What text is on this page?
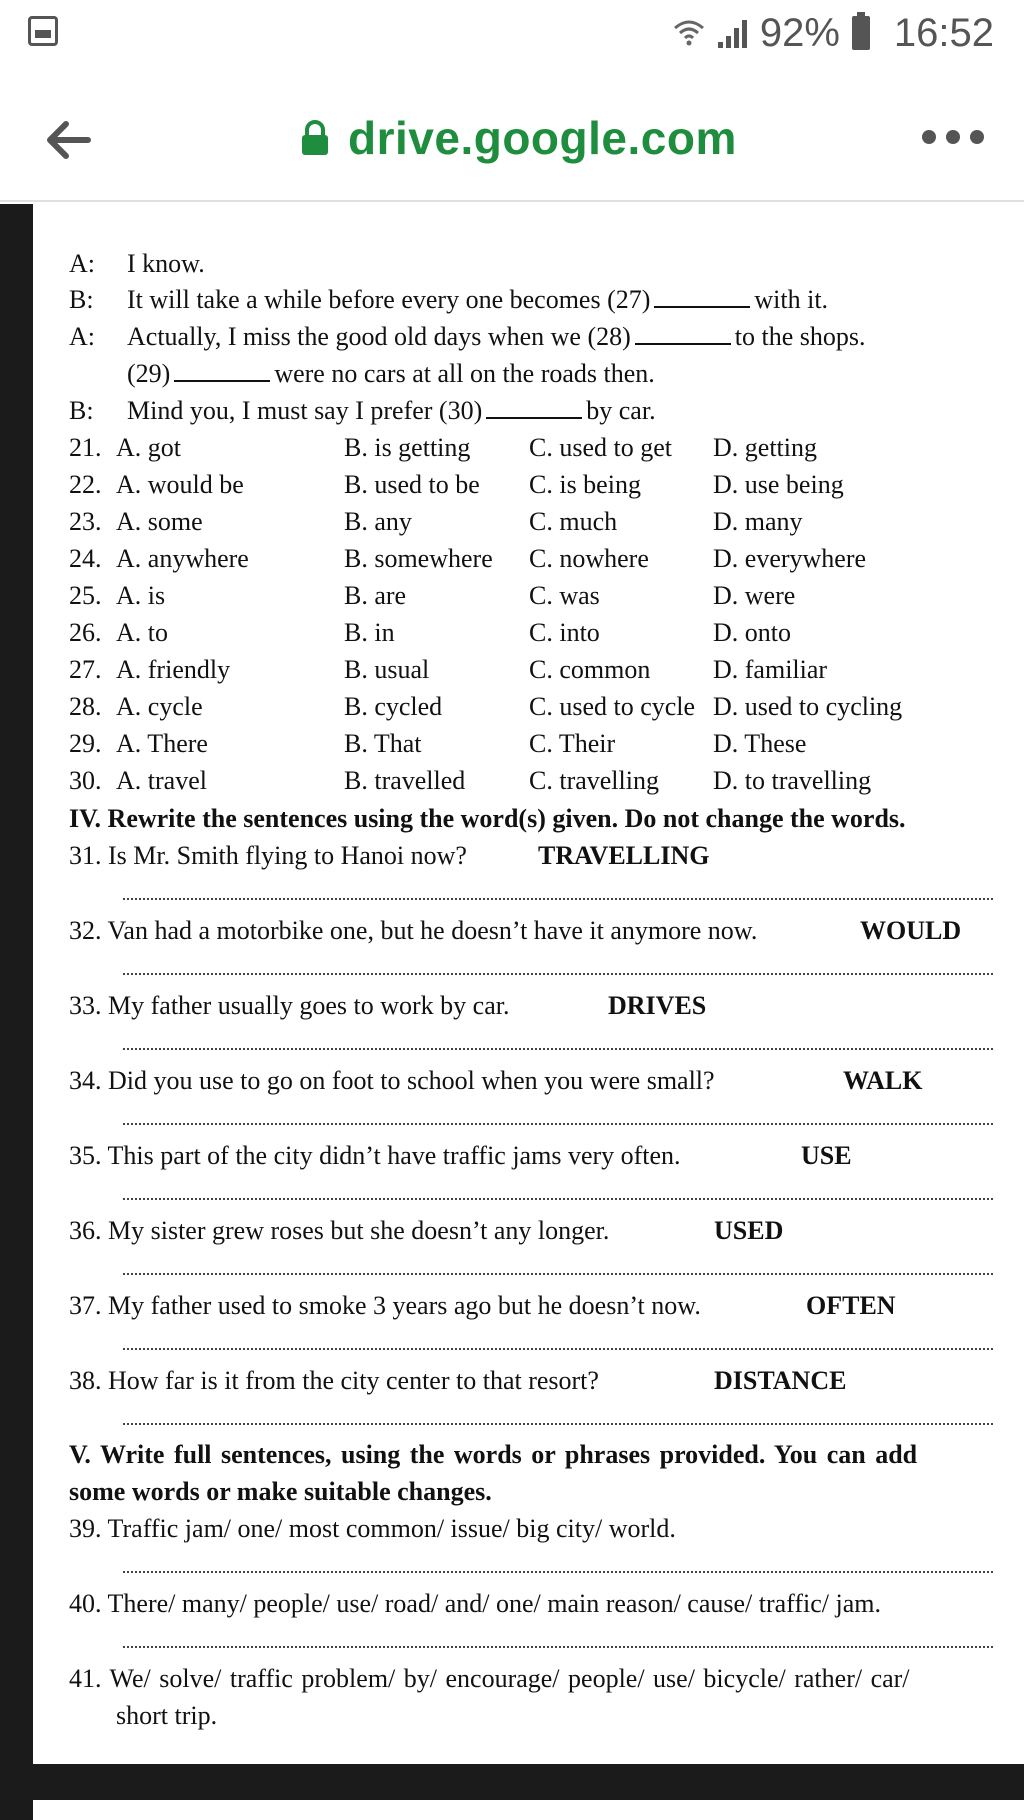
92% 16:52
drive.google.com
A: I know.
B: It will take a while before every one becomes (27)	with it.
A: Actually, I miss the good old days when we (28)	to the shops.
(29)	were no cars at all on the roads then.
B: Mind you, I must say I prefer (30)	by car.
21. A. got	B. is getting C. used to get D. getting
22. A. would be	B. used to be C. is being	D. use being
23. A. some	B. any	C. much	D. many
24. A. anywhere	B. somewhere C. nowhere D. everywhere
25. A. is	B. are	C. was	D. were
26. A. to	B. in	C. into	D. onto
27. A. friendly	B. usual	C. common D. familiar
28. A. cycle	B. cycled	C. used to cycle D. used to cycling
29. A. There	B. That	C. Their	D. These
30. A. travel	B. travelled C. travelling D. to travelling
IV. Rewrite the sentences using the word(s) given. Do not change the words.
31. Is Mr. Smith flying to Hanoi now?	TRAVELLING
32. Van had a motorbike one, but he doesn’t have it anymore now.	WOULD
33. My father usually goes to work by car.	DRIVES
34. Did you use to go on foot to school when you were small?	WALK
35. This part of the city didn’t have traffic jams very often.	USE
36. My sister grew roses but she doesn’t any longer.	USED
37. My father used to smoke 3 years ago but he doesn’t now.	OFTEN
38. How far is it from the city center to that resort?	DISTANCE
V. Write full sentences, using the words or phrases provided. You can add
some words or make suitable changes.
39. Traffic jam/ one/ most common/ issue/ big city/ world.
40. There/ many/ people/ use/ road/ and/ one/ main reason/ cause/ traffic/ jam.
41. We/ solve/ traffic problem/ by/ encourage/ people/ use/ bicycle/ rather/ car/
short trip.
